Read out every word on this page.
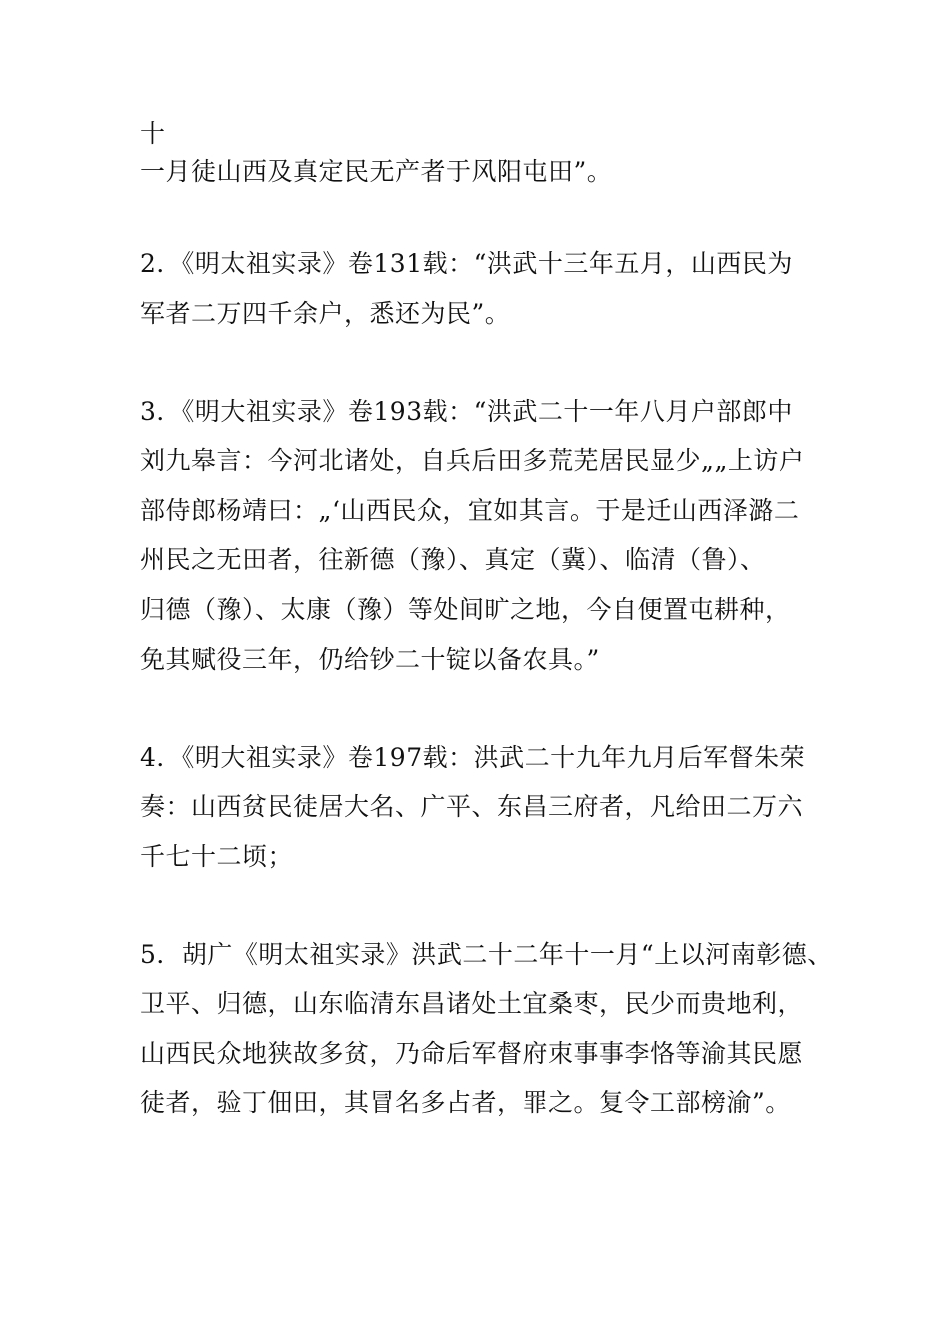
十
一月徒山西及真定民无产者于风阳屯田”。
2．《明太祖实录》卷131载：“洪武十三年五月，山西民为
军者二万四千余户，悉还为民”。
3．《明大祖实录》卷193载：“洪武二十一年八月户部郎中
刘九皋言：今河北诸处，自兵后田多荒芜居民显少„„上访户
部侍郎杨靖曰：„‘山西民众，宜如其言。于是迁山西泽潞二
州民之无田者，往新德（豫）、真定（冀）、临清（鲁）、
归德（豫）、太康（豫）等处间旷之地，今自便置屯耕种，
免其赋役三年，仍给钞二十锭以备农具。”
4．《明大祖实录》卷197载：洪武二十九年九月后军督朱荣
奏：山西贫民徒居大名、广平、东昌三府者，凡给田二万六
千七十二顷；
5．胡广《明太祖实录》洪武二十二年十一月“上以河南彰德、
卫平、归德，山东临清东昌诸处土宜桑枣，民少而贵地利，
山西民众地狭故多贫，乃命后军督府朿事事李恪等渝其民愿
徒者，验丁佃田，其冒名多占者，罪之。复令工部榜渝”。
